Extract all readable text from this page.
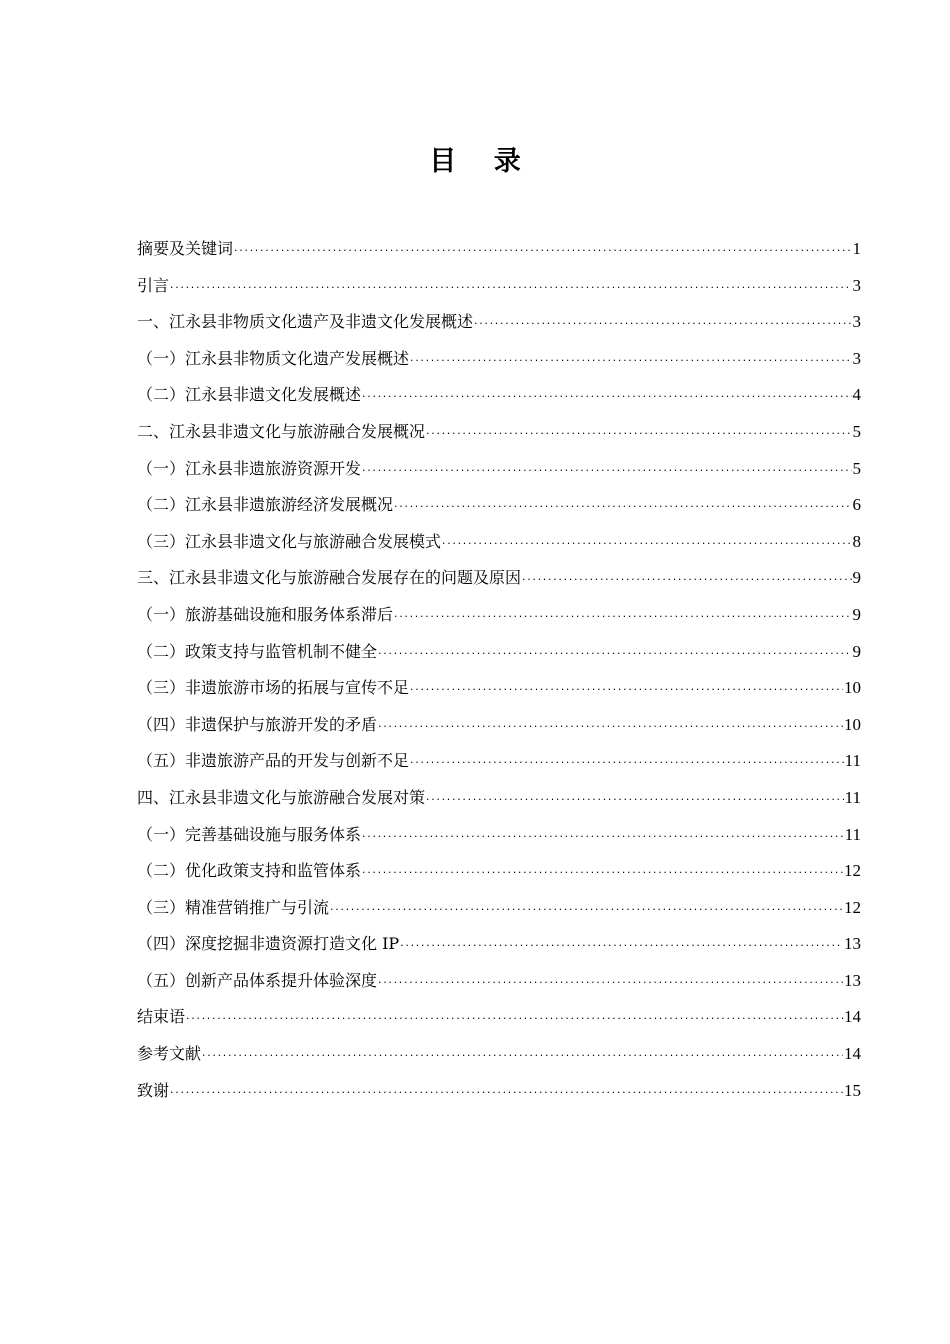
目    录
摘要及关键词 ·····	1
引言 ·····	3
一、江永县非物质文化遗产及非遗文化发展概述 ·····	3
（一）江永县非物质文化遗产发展概述 ·····	3
（二）江永县非遗文化发展概述 ·····	4
二、江永县非遗文化与旅游融合发展概况 ·····	5
（一）江永县非遗旅游资源开发 ·····	5
（二）江永县非遗旅游经济发展概况 ·····	6
（三）江永县非遗文化与旅游融合发展模式 ·····	8
三、江永县非遗文化与旅游融合发展存在的问题及原因 ·····	9
（一）旅游基础设施和服务体系滞后 ·····	9
（二）政策支持与监管机制不健全 ·····	9
（三）非遗旅游市场的拓展与宣传不足 ·····	10
（四）非遗保护与旅游开发的矛盾 ·····	10
（五）非遗旅游产品的开发与创新不足 ·····	11
四、江永县非遗文化与旅游融合发展对策 ·····	11
（一）完善基础设施与服务体系 ·····	11
（二）优化政策支持和监管体系 ·····	12
（三）精准营销推广与引流 ·····	12
（四）深度挖掘非遗资源打造文化 IP ·····	13
（五）创新产品体系提升体验深度 ·····	13
结束语 ·····	14
参考文献 ·····	14
致谢 ·····	15
